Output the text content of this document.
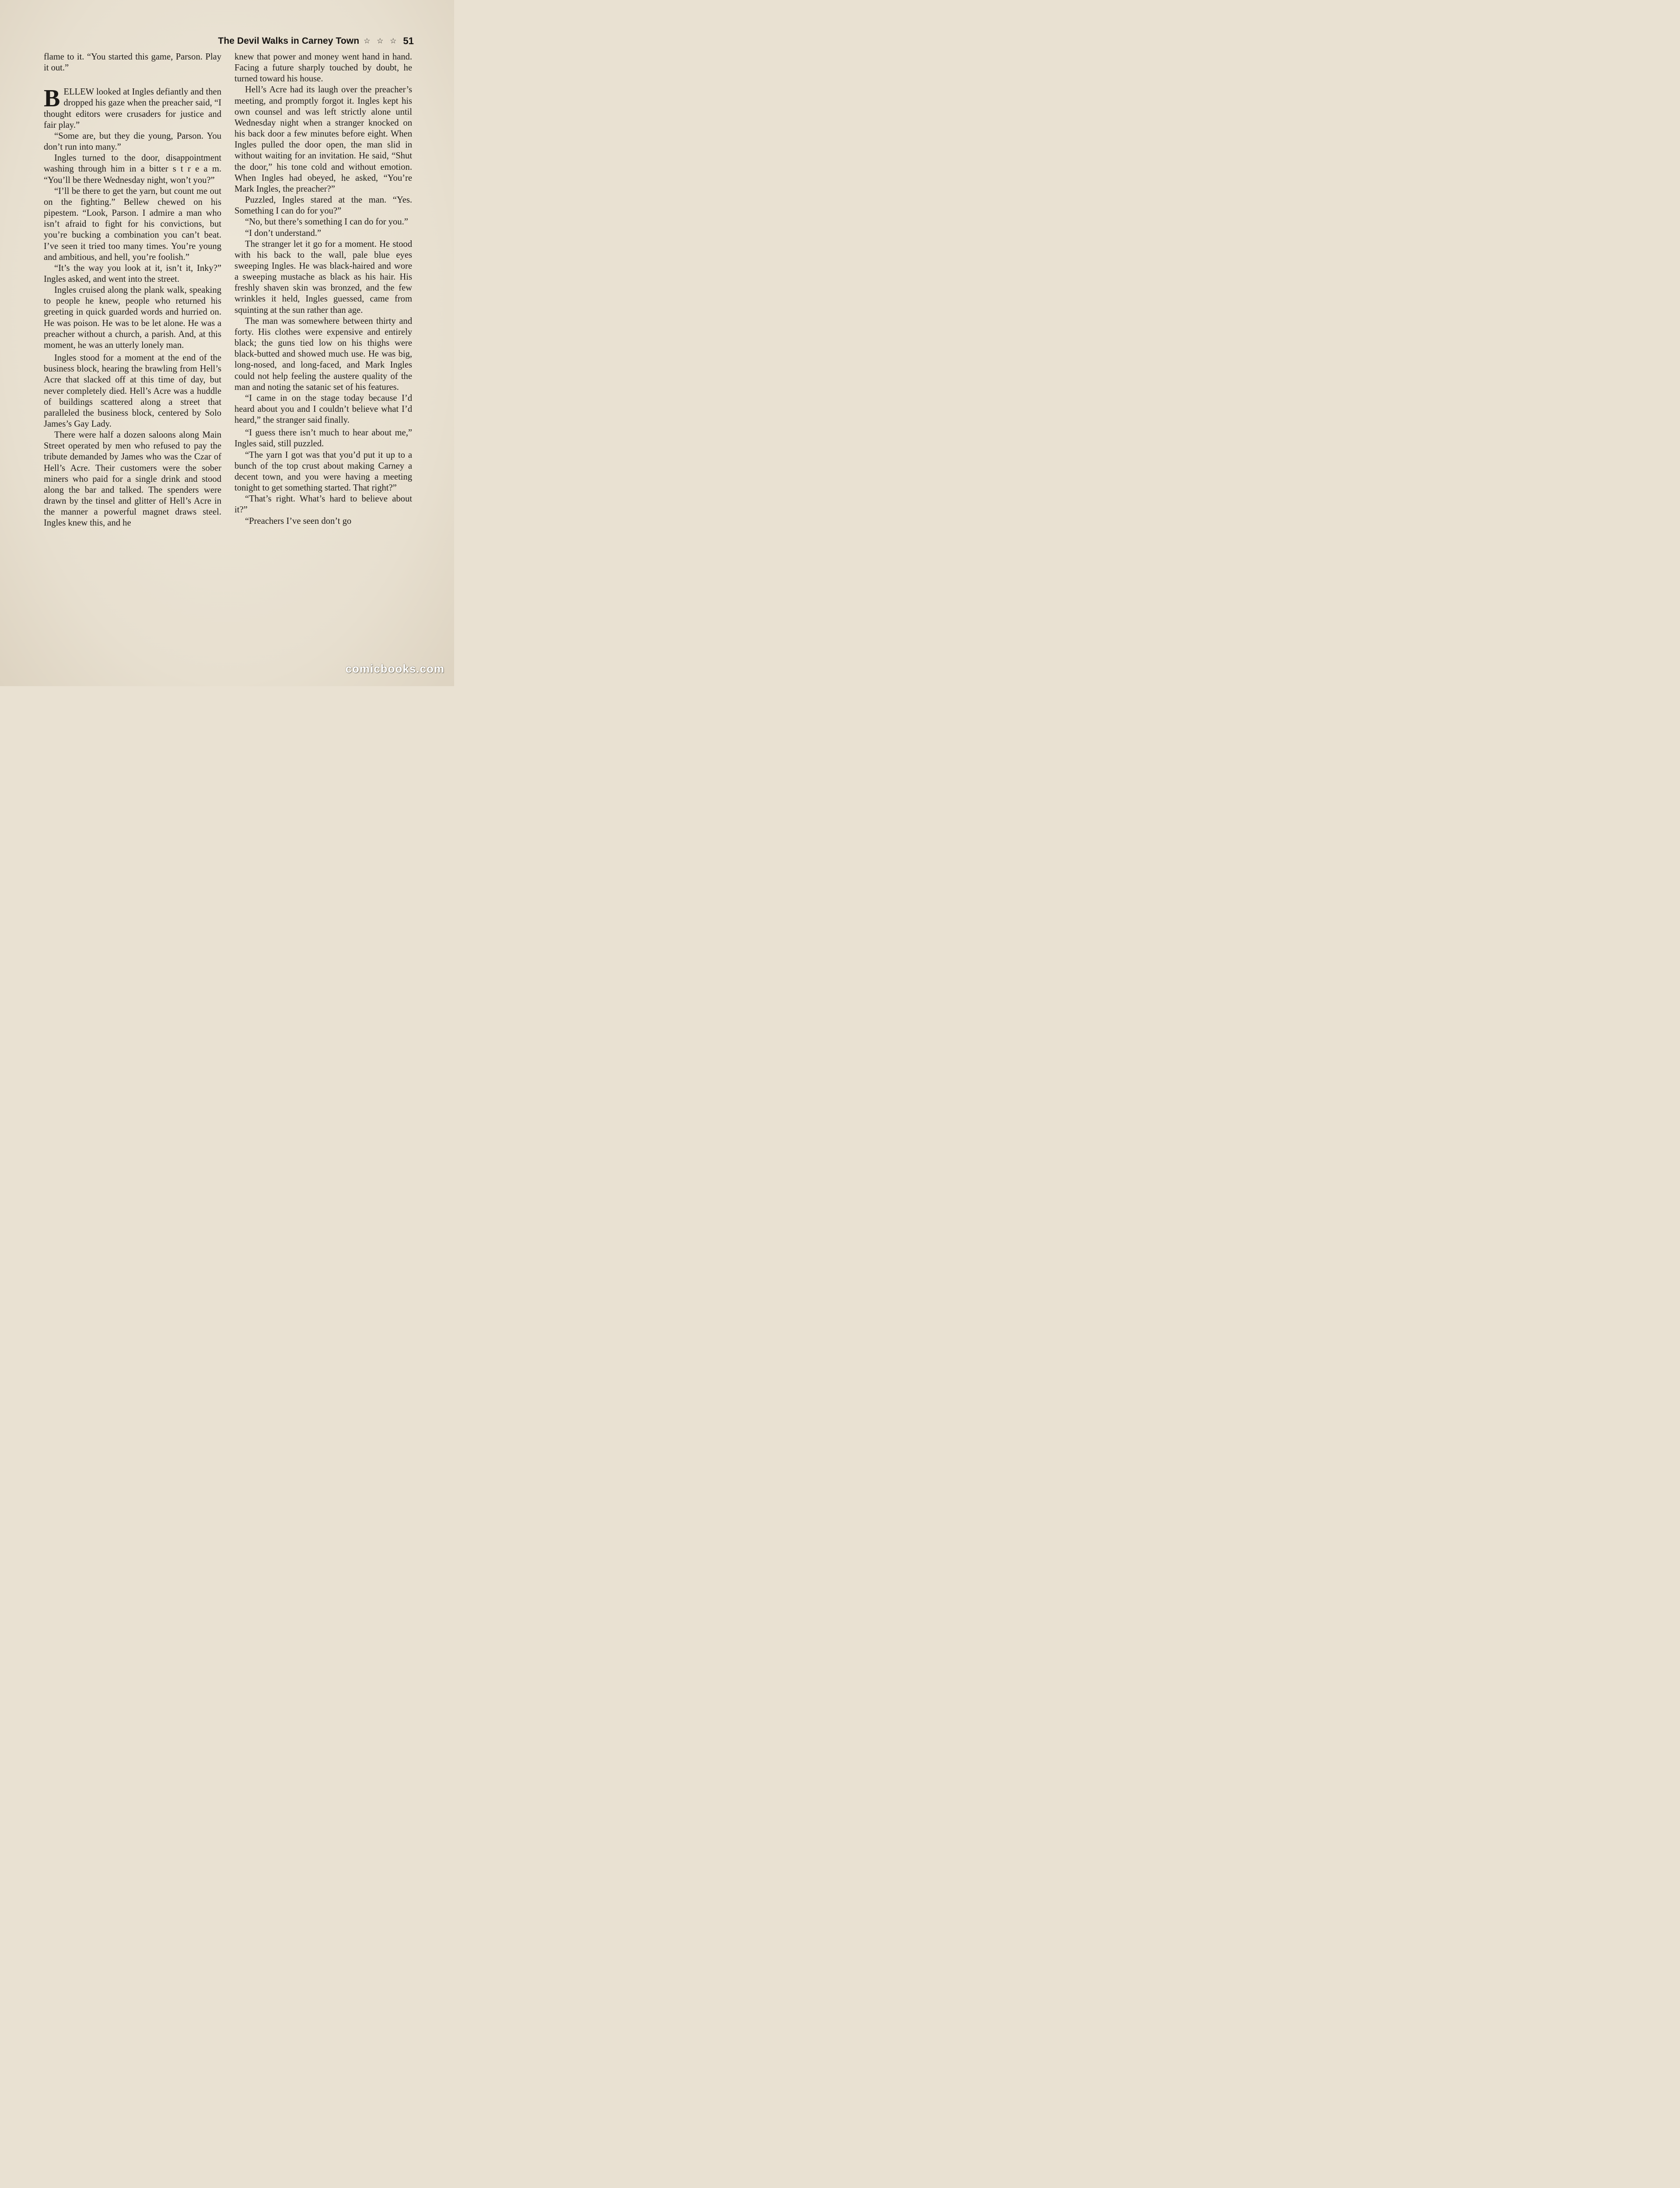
The Devil Walks in Carney Town ☆ ☆ ☆ 51

flame to it. “You started this game, Parson. Play it out.”

BELLEW looked at Ingles defiantly and then dropped his gaze when the preacher said, “I thought editors were crusaders for justice and fair play.”

“Some are, but they die young, Parson. You don’t run into many.”

Ingles turned to the door, disappointment washing through him in a bitter s t r e a m. “You’ll be there Wednesday night, won’t you?”

“I’ll be there to get the yarn, but count me out on the fighting.” Bellew chewed on his pipestem. “Look, Parson. I admire a man who isn’t afraid to fight for his convictions, but you’re bucking a combination you can’t beat. I’ve seen it tried too many times. You’re young and ambitious, and hell, you’re foolish.”

“It’s the way you look at it, isn’t it, Inky?” Ingles asked, and went into the street.

Ingles cruised along the plank walk, speaking to people he knew, people who returned his greeting in quick guarded words and hurried on. He was poison. He was to be let alone. He was a preacher without a church, a parish. And, at this moment, he was an utterly lonely man.

Ingles stood for a moment at the end of the business block, hearing the brawling from Hell’s Acre that slacked off at this time of day, but never completely died. Hell’s Acre was a huddle of buildings scattered along a street that paralleled the business block, centered by Solo James’s Gay Lady.

There were half a dozen saloons along Main Street operated by men who refused to pay the tribute demanded by James who was the Czar of Hell’s Acre. Their customers were the sober miners who paid for a single drink and stood along the bar and talked. The spenders were drawn by the tinsel and glitter of Hell’s Acre in the manner a powerful magnet draws steel. Ingles knew this, and he

knew that power and money went hand in hand. Facing a future sharply touched by doubt, he turned toward his house.

Hell’s Acre had its laugh over the preacher’s meeting, and promptly forgot it. Ingles kept his own counsel and was left strictly alone until Wednesday night when a stranger knocked on his back door a few minutes before eight. When Ingles pulled the door open, the man slid in without waiting for an invitation. He said, “Shut the door,” his tone cold and without emotion. When Ingles had obeyed, he asked, “You’re Mark Ingles, the preacher?”

Puzzled, Ingles stared at the man. “Yes. Something I can do for you?”

“No, but there’s something I can do for you.”

“I don’t understand.”

The stranger let it go for a moment. He stood with his back to the wall, pale blue eyes sweeping Ingles. He was black-haired and wore a sweeping mustache as black as his hair. His freshly shaven skin was bronzed, and the few wrinkles it held, Ingles guessed, came from squinting at the sun rather than age.

The man was somewhere between thirty and forty. His clothes were expensive and entirely black; the guns tied low on his thighs were black-butted and showed much use. He was big, long-nosed, and long-faced, and Mark Ingles could not help feeling the austere quality of the man and noting the satanic set of his features.

“I came in on the stage today because I’d heard about you and I couldn’t believe what I’d heard,” the stranger said finally.

“I guess there isn’t much to hear about me,” Ingles said, still puzzled.

“The yarn I got was that you’d put it up to a bunch of the top crust about making Carney a decent town, and you were having a meeting tonight to get something started. That right?”

“That’s right. What’s hard to believe about it?”

“Preachers I’ve seen don’t go

comicbooks.com
